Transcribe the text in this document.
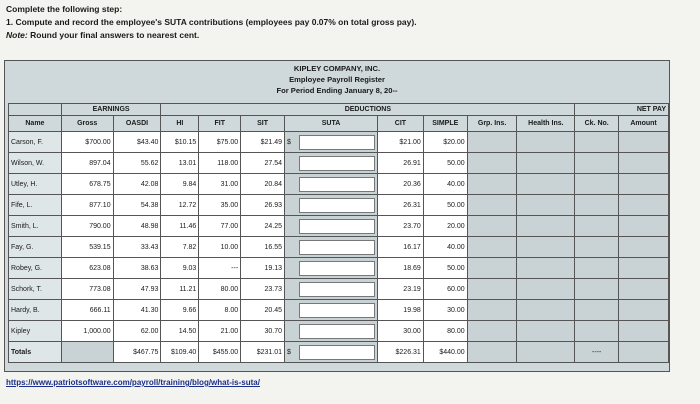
Complete the following step:
1. Compute and record the employee's SUTA contributions (employees pay 0.07% on total gross pay).
Note: Round your final answers to nearest cent.
KIPLEY COMPANY, INC.
Employee Payroll Register
For Period Ending January 8, 20--
	EARNINGS		DEDUCTIONS								NET PAY	
Name	Gross	OASDI	HI	FIT	SIT	SUTA	CIT	SIMPLE	Grp. Ins.	Health Ins.	Ck. No.	Amount
Carson, F.	$700.00	$43.40	$10.15	$75.00	$21.49	$	$21.00	$20.00				
Wilson, W.	897.04	55.62	13.01	118.00	27.54		26.91	50.00				
Utley, H.	678.75	42.08	9.84	31.00	20.84		20.36	40.00				
Fife, L.	877.10	54.38	12.72	35.00	26.93		26.31	50.00				
Smith, L.	790.00	48.98	11.46	77.00	24.25		23.70	20.00				
Fay, G.	539.15	33.43	7.82	10.00	16.55		16.17	40.00				
Robey, G.	623.08	38.63	9.03	---	19.13		18.69	50.00				
Schork, T.	773.08	47.93	11.21	80.00	23.73		23.19	60.00				
Hardy, B.	666.11	41.30	9.66	8.00	20.45		19.98	30.00				
Kipley	1,000.00	62.00	14.50	21.00	30.70		30.00	80.00				
Totals		$467.75	$109.40	$455.00	$231.01	$	$226.31	$440.00			----	
https://www.patriotsoftware.com/payroll/training/blog/what-is-suta/
